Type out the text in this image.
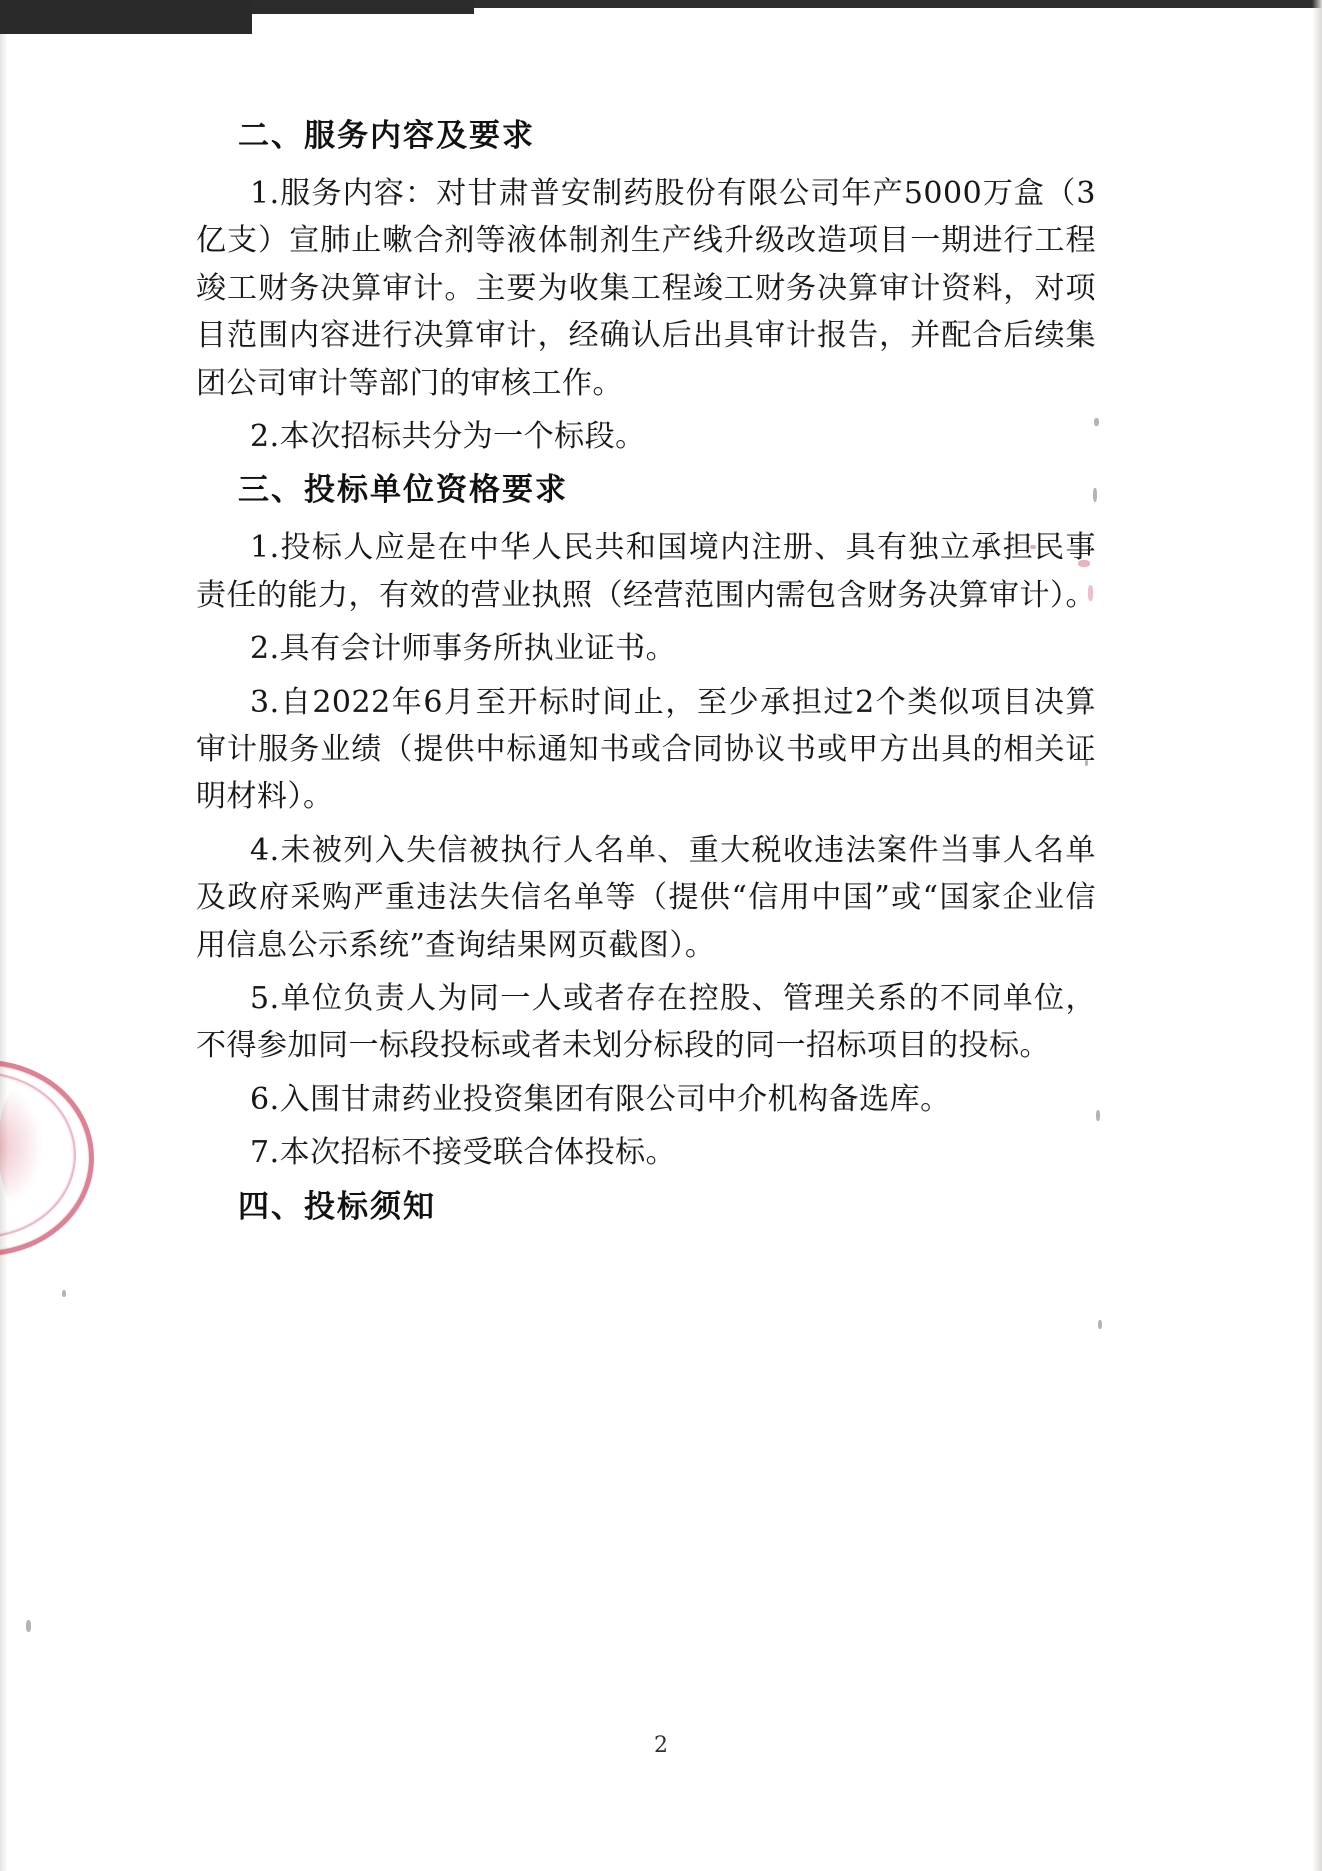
二、服务内容及要求

1.服务内容：对甘肃普安制药股份有限公司年产5000万盒（3亿支）宣肺止嗽合剂等液体制剂生产线升级改造项目一期进行工程竣工财务决算审计。主要为收集工程竣工财务决算审计资料，对项目范围内容进行决算审计，经确认后出具审计报告，并配合后续集团公司审计等部门的审核工作。

2.本次招标共分为一个标段。

三、投标单位资格要求

1.投标人应是在中华人民共和国境内注册、具有独立承担民事责任的能力，有效的营业执照（经营范围内需包含财务决算审计）。

2.具有会计师事务所执业证书。

3.自2022年6月至开标时间止，至少承担过2个类似项目决算审计服务业绩（提供中标通知书或合同协议书或甲方出具的相关证明材料）。

4.未被列入失信被执行人名单、重大税收违法案件当事人名单及政府采购严重违法失信名单等（提供“信用中国”或“国家企业信用信息公示系统”查询结果网页截图）。

5.单位负责人为同一人或者存在控股、管理关系的不同单位，不得参加同一标段投标或者未划分标段的同一招标项目的投标。

6.入围甘肃药业投资集团有限公司中介机构备选库。

7.本次招标不接受联合体投标。

四、投标须知
2
